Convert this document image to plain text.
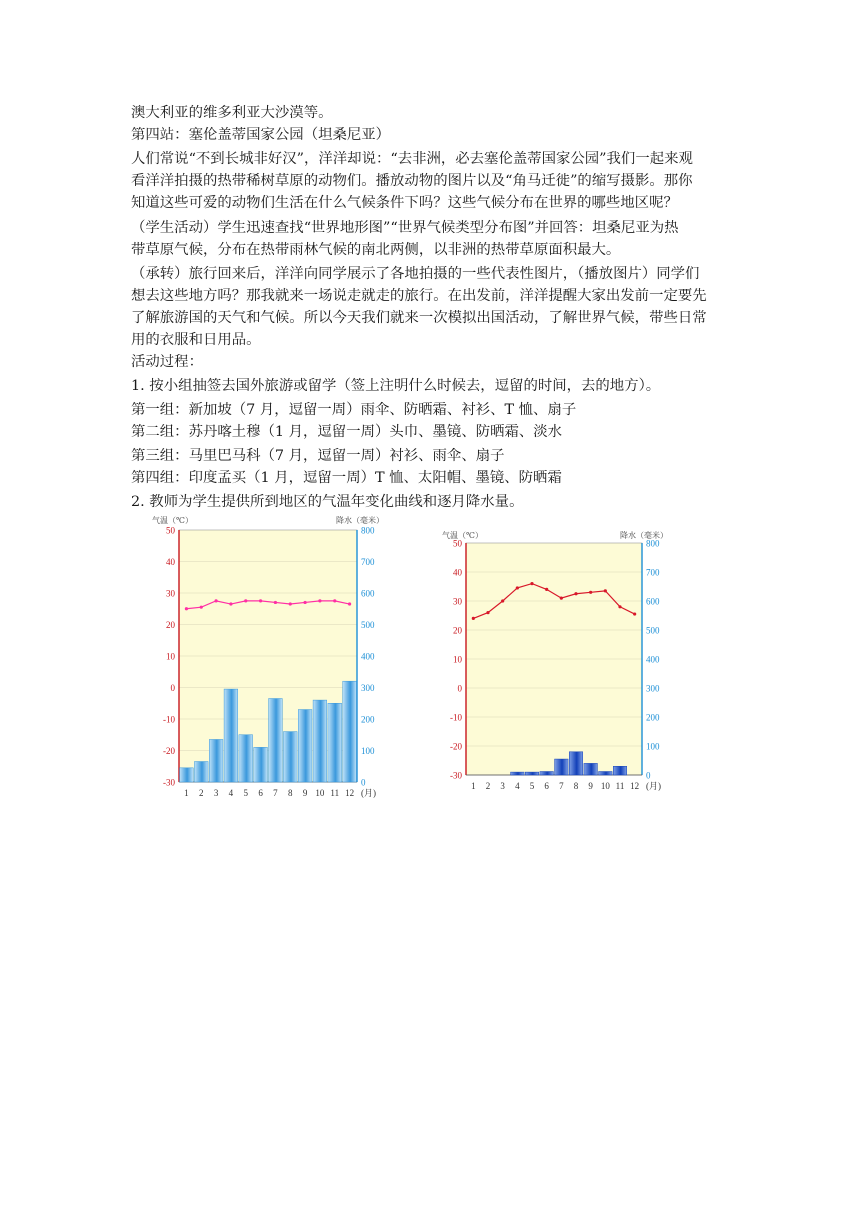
澳大利亚的维多利亚大沙漠等。
第四站：塞伦盖蒂国家公园（坦桑尼亚）
人们常说“不到长城非好汉”，洋洋却说：“去非洲，必去塞伦盖蒂国家公园”我们一起来观
看洋洋拍摄的热带稀树草原的动物们。播放动物的图片以及“角马迁徙”的缩写摄影。那你
知道这些可爱的动物们生活在什么气候条件下吗？这些气候分布在世界的哪些地区呢？
（学生活动）学生迅速查找“世界地形图”“世界气候类型分布图”并回答：坦桑尼亚为热
带草原气候，分布在热带雨林气候的南北两侧，以非洲的热带草原面积最大。
（承转）旅行回来后，洋洋向同学展示了各地拍摄的一些代表性图片，（播放图片）同学们
想去这些地方吗？那我就来一场说走就走的旅行。在出发前，洋洋提醒大家出发前一定要先
了解旅游国的天气和气候。所以今天我们就来一次模拟出国活动，了解世界气候，带些日常
用的衣服和日用品。
活动过程：
1. 按小组抽签去国外旅游或留学（签上注明什么时候去，逗留的时间，去的地方）。
第一组：新加坡（7 月，逗留一周）雨伞、防晒霜、衬衫、T 恤、扇子
第二组：苏丹喀土穆（1 月，逗留一周）头巾、墨镜、防晒霜、淡水
第三组：马里巴马科（7 月，逗留一周）衬衫、雨伞、扇子
第四组：印度孟买（1 月，逗留一周）T 恤、太阳帽、墨镜、防晒霜
2. 教师为学生提供所到地区的气温年变化曲线和逐月降水量。
50
40
30
20
10
0
-10
-20
-30
800
700
600
500
400
300
200
100
0
气温（℃）	降水（毫米）
1 2 3 4 5 6 7 8 9 10 11 12 (月)
50
40
30
20
10
0
-10
-20
-30
800
700
600
500
400
300
200
100
0
气温（℃）	降水（毫米）
1 2 3 4 5 6 7 8 9 10 11 12 (月)
